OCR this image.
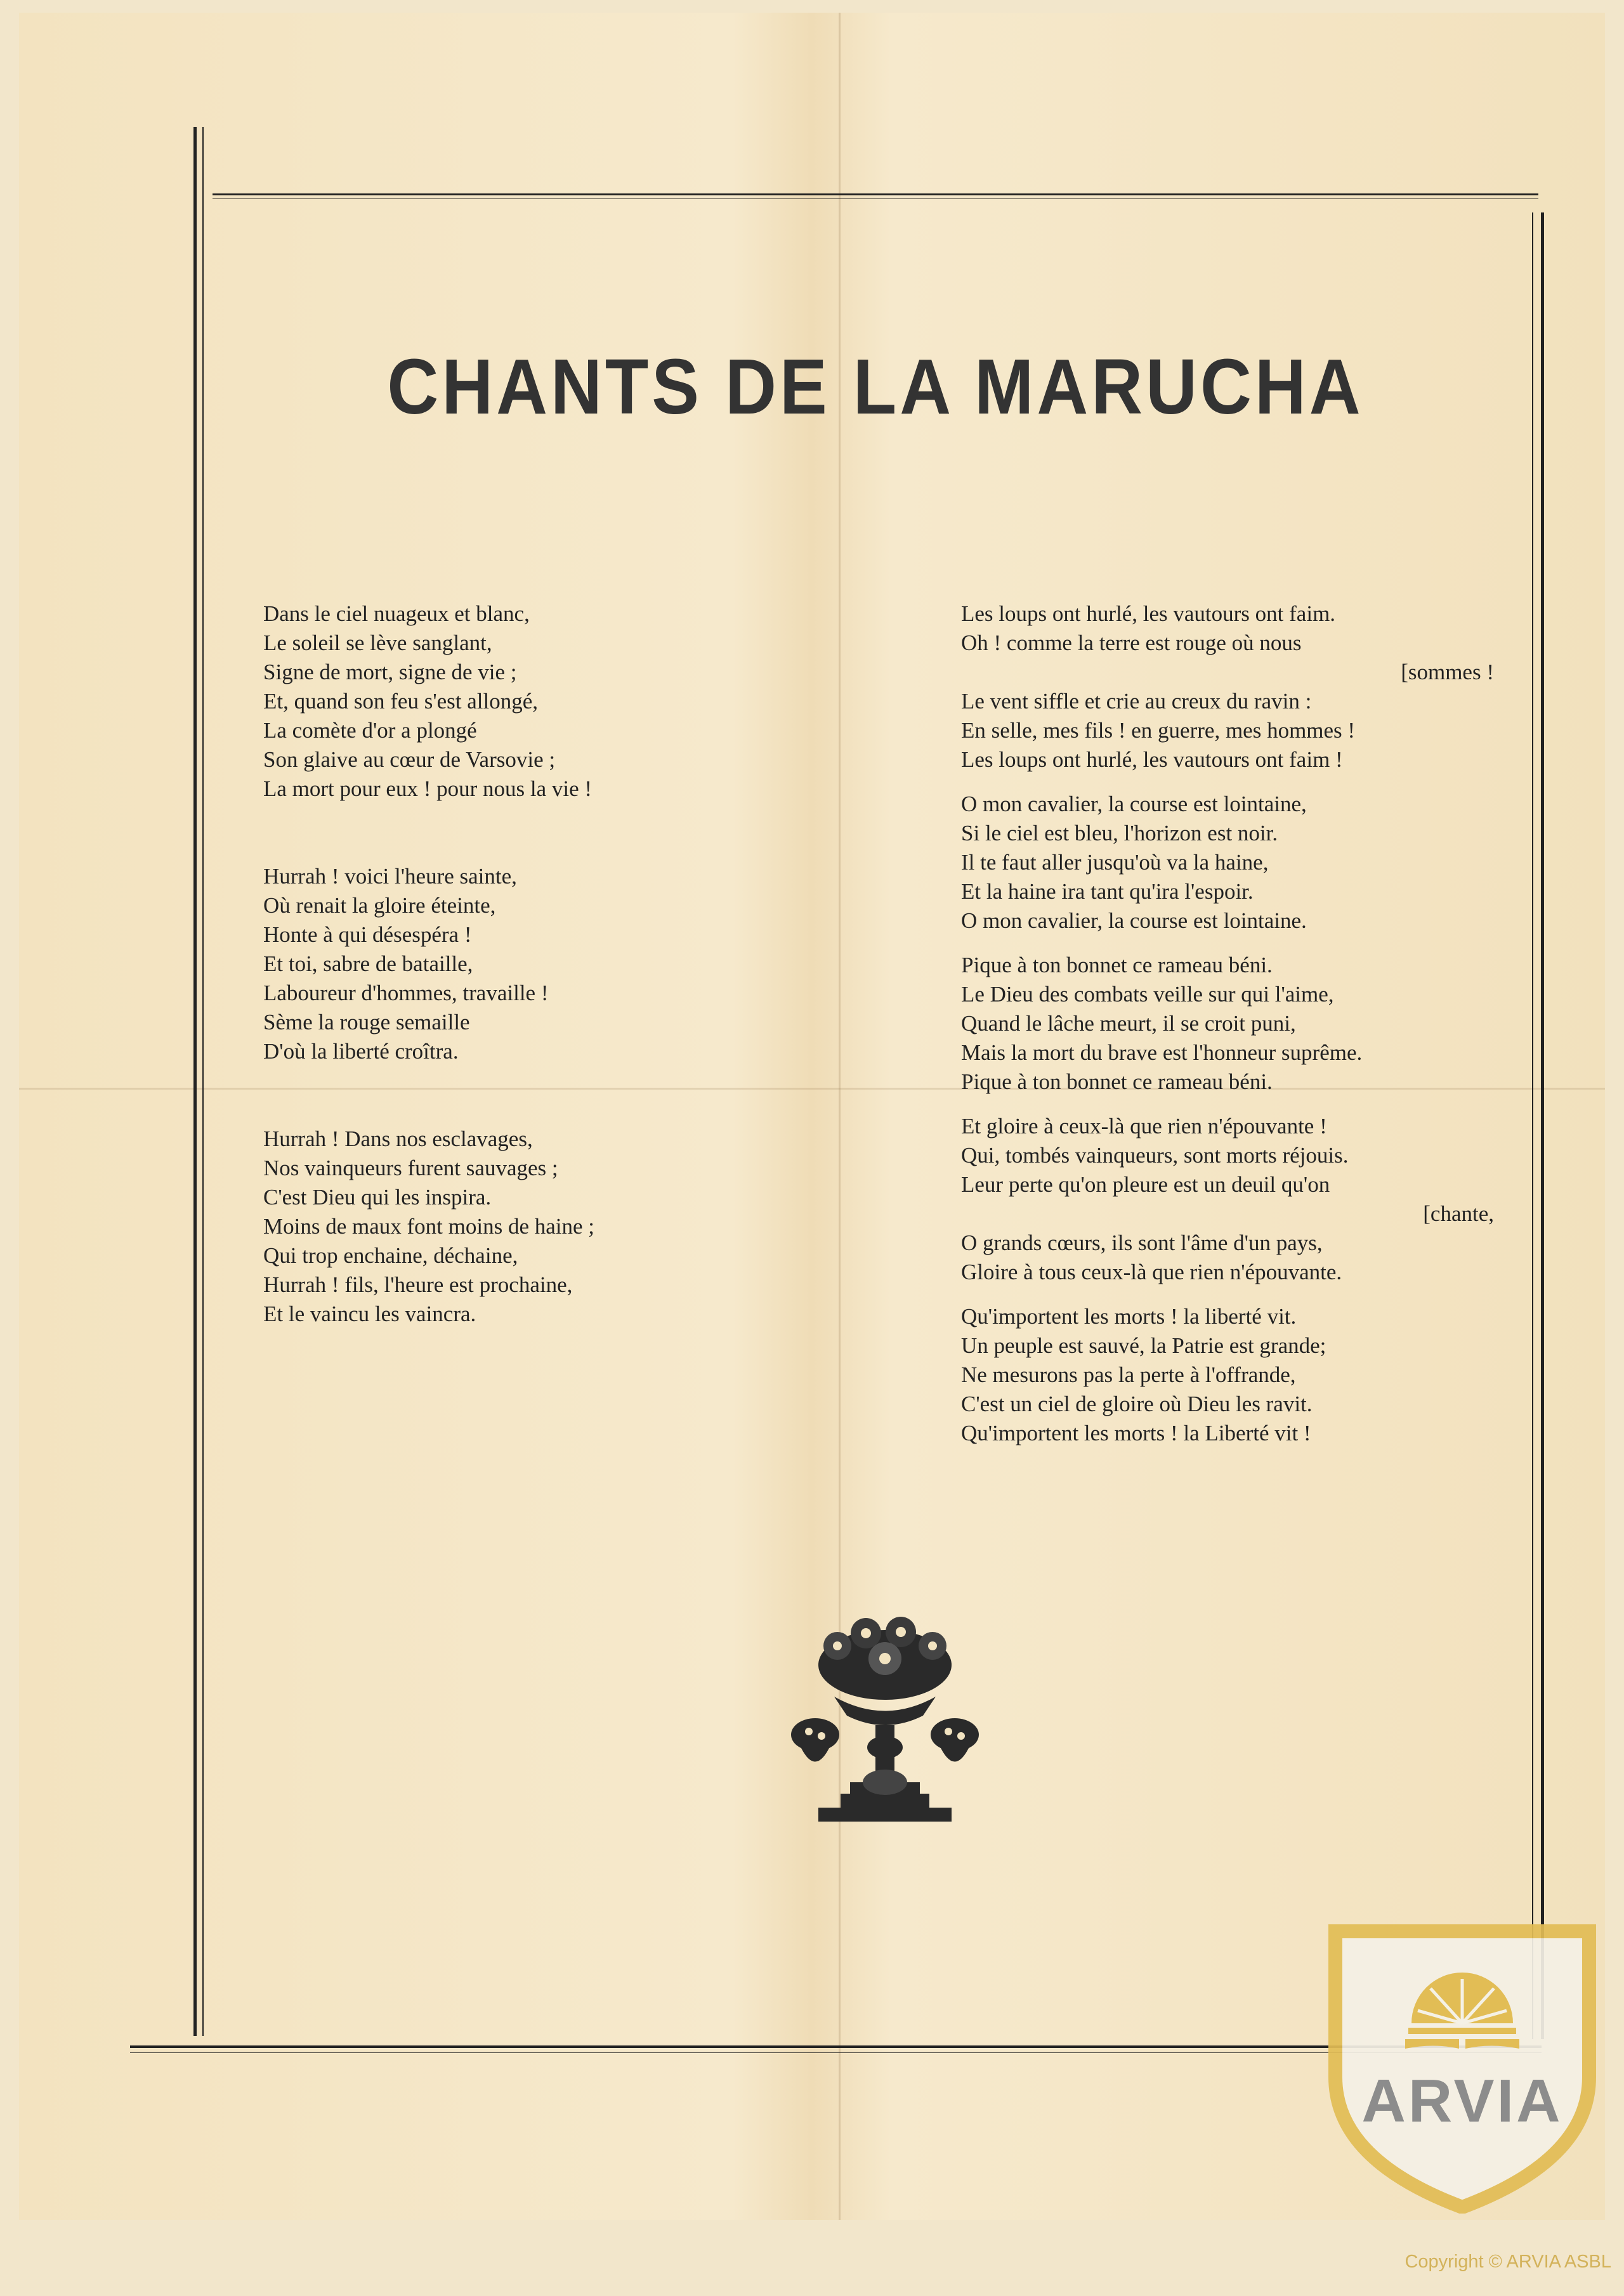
CHANTS DE LA MARUCHA

Dans le ciel nuageux et blanc,
Le soleil se lève sanglant,
Signe de mort, signe de vie ;
Et, quand son feu s'est allongé,
La comète d'or a plongé
Son glaive au cœur de Varsovie ;
La mort pour eux ! pour nous la vie !

Hurrah ! voici l'heure sainte,
Où renait la gloire éteinte,
Honte à qui désespéra !
Et toi, sabre de bataille,
Laboureur d'hommes, travaille !
Sème la rouge semaille
D'où la liberté croîtra.

Hurrah ! Dans nos esclavages,
Nos vainqueurs furent sauvages ;
C'est Dieu qui les inspira.
Moins de maux font moins de haine ;
Qui trop enchaine, déchaine,
Hurrah ! fils, l'heure est prochaine,
Et le vaincu les vaincra.

Les loups ont hurlé, les vautours ont faim.
Oh ! comme la terre est rouge où nous
[sommes !
Le vent siffle et crie au creux du ravin :
En selle, mes fils ! en guerre, mes hommes !
Les loups ont hurlé, les vautours ont faim !

O mon cavalier, la course est lointaine,
Si le ciel est bleu, l'horizon est noir.
Il te faut aller jusqu'où va la haine,
Et la haine ira tant qu'ira l'espoir.
O mon cavalier, la course est lointaine.

Pique à ton bonnet ce rameau béni.
Le Dieu des combats veille sur qui l'aime,
Quand le lâche meurt, il se croit puni,
Mais la mort du brave est l'honneur suprême.
Pique à ton bonnet ce rameau béni.

Et gloire à ceux-là que rien n'épouvante !
Qui, tombés vainqueurs, sont morts réjouis.
Leur perte qu'on pleure est un deuil qu'on
[chante,
O grands cœurs, ils sont l'âme d'un pays,
Gloire à tous ceux-là que rien n'épouvante.

Qu'importent les morts ! la liberté vit.
Un peuple est sauvé, la Patrie est grande;
Ne mesurons pas la perte à l'offrande,
C'est un ciel de gloire où Dieu les ravit.
Qu'importent les morts ! la Liberté vit !

ARVIA
Copyright © ARVIA ASBL
